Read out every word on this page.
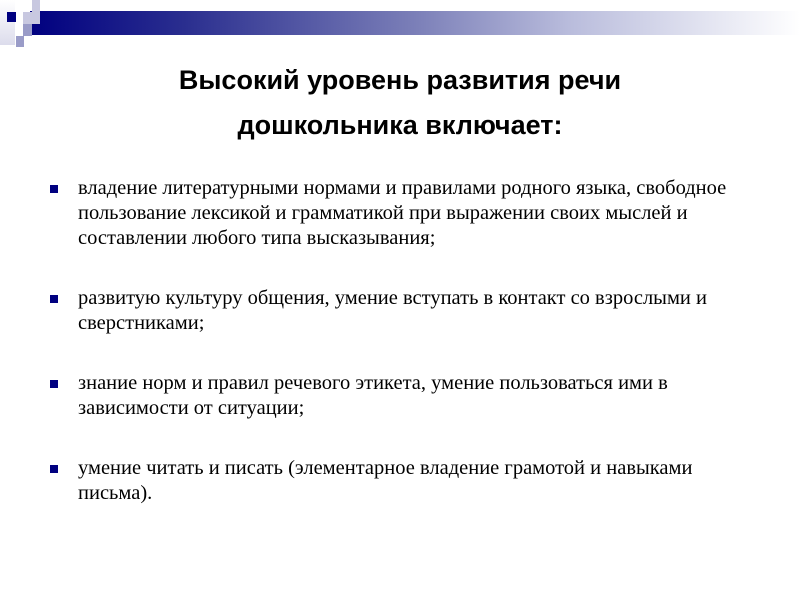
Высокий уровень развития речи
дошкольника включает:
владение литературными нормами и правилами родного языка, свободное пользование лексикой и грамматикой при выражении своих мыслей и составлении любого типа высказывания;
развитую культуру общения, умение вступать в контакт со взрослыми и сверстниками;
знание норм и правил речевого этикета, умение пользоваться ими в зависимости от ситуации;
умение читать и писать (элементарное владение грамотой и навыками письма).
